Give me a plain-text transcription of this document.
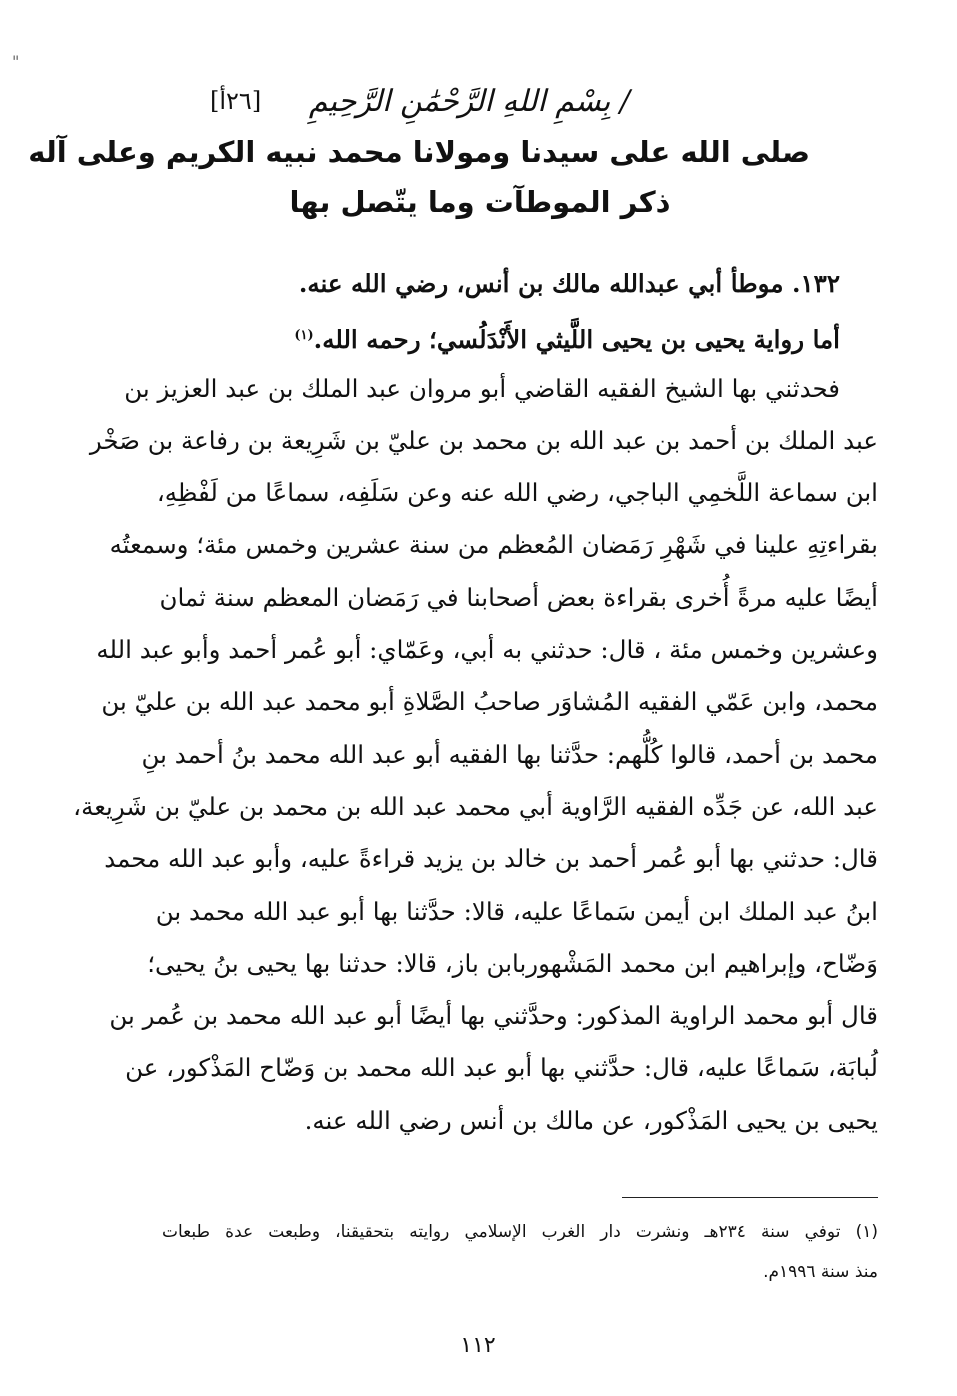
"
/ بِسْمِ اللهِ الرَّحْمَٰنِ الرَّحِيمِ
[٢٦أ]
صلى الله على سيدنا ومولانا محمد نبيه الكريم وعلى آله
ذكر الموطآت وما يتّصل بها
١٣٢. موطأ أبي عبدالله مالك بن أنس، رضي الله عنه.
أما رواية يحيى بن يحيى اللَّيثي الأَنْدَلُسي؛ رحمه الله.$^{(١)}$
فحدثني بها الشيخ الفقيه القاضي أبو مروان عبد الملك بن عبد العزيز بن
عبد الملك بن أحمد بن عبد الله بن محمد بن عليّ بن شَرِيعة بن رفاعة بن صَخْر
ابن سماعة اللَّخمِي الباجي، رضي الله عنه وعن سَلَفِه، سماعًا من لَفْظِهِ،
بقراءتِهِ علينا في شَهْرِ رَمَضان المُعظم من سنة عشرين وخمس مئة؛ وسمعتُه
أيضًا عليه مرةً أُخرى بقراءة بعض أصحابنا في رَمَضان المعظم سنة ثمان
وعشرين وخمس مئة ، قال: حدثني به أبي، وعَمّاي: أبو عُمر أحمد وأبو عبد الله
محمد، وابن عَمّي الفقيه المُشاوَر صاحبُ الصَّلاةِ أبو محمد عبد الله بن عليّ بن
محمد بن أحمد، قالوا كُلُّهم: حدَّثنا بها الفقيه أبو عبد الله محمد بنُ أحمد بنِ
عبد الله، عن جَدِّه الفقيه الرَّاوية أبي محمد عبد الله بن محمد بن عليّ بن شَرِيعة،
قال: حدثني بها أبو عُمر أحمد بن خالد بن يزيد قراءةً عليه، وأبو عبد الله محمد
ابنُ عبد الملك ابن أيمن سَماعًا عليه، قالا: حدَّثنا بها أبو عبد الله محمد بن
وَضّاح، وإبراهيم ابن محمد المَشْهوربابن باز، قالا: حدثنا بها يحيى بنُ يحيى؛
قال أبو محمد الراوية المذكور: وحدَّثني بها أيضًا أبو عبد الله محمد بن عُمر بن
لُبابَة، سَماعًا عليه، قال: حدَّثني بها أبو عبد الله محمد بن وَضّاح المَذْكور، عن
يحيى بن يحيى المَذْكور، عن مالك بن أنس رضي الله عنه.
(١) توفي سنة ٢٣٤هـ ونشرت دار الغرب الإسلامي روايته بتحقيقنا، وطبعت عدة طبعات
منذ سنة ١٩٩٦م.
١١٢
